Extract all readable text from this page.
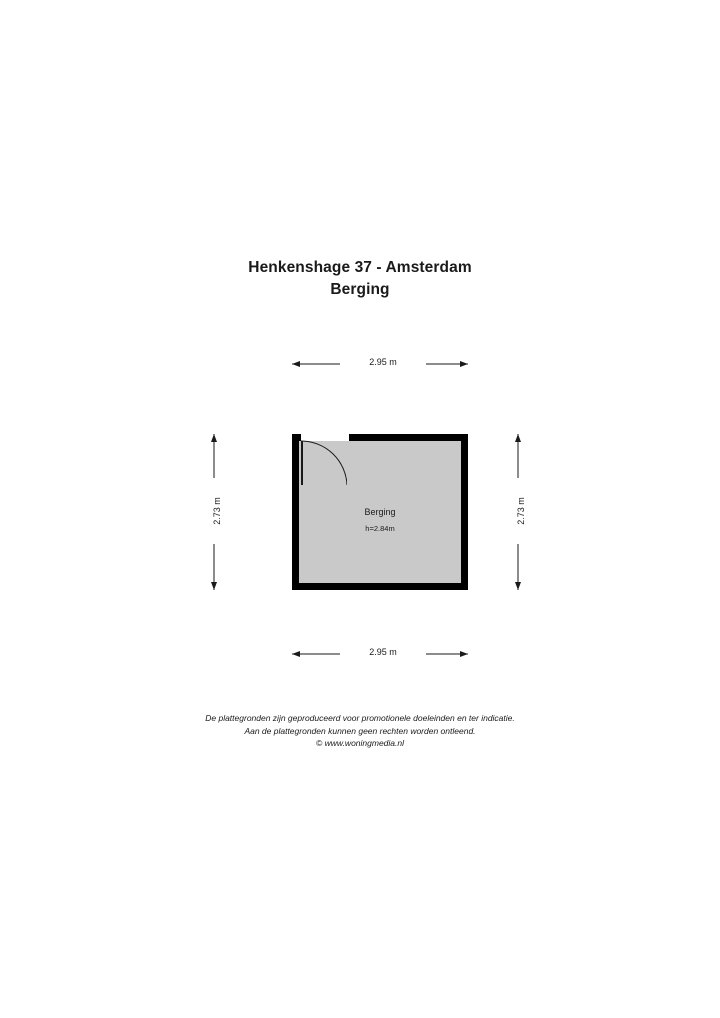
Henkenshage 37 - Amsterdam
Berging
Berging
h=2.84m
2.95 m
2.95 m
2.73 m	2.73 m
De plattegronden zijn geproduceerd voor promotionele doeleinden en ter indicatie.
Aan de plattegronden kunnen geen rechten worden ontleend.
© www.woningmedia.nl
